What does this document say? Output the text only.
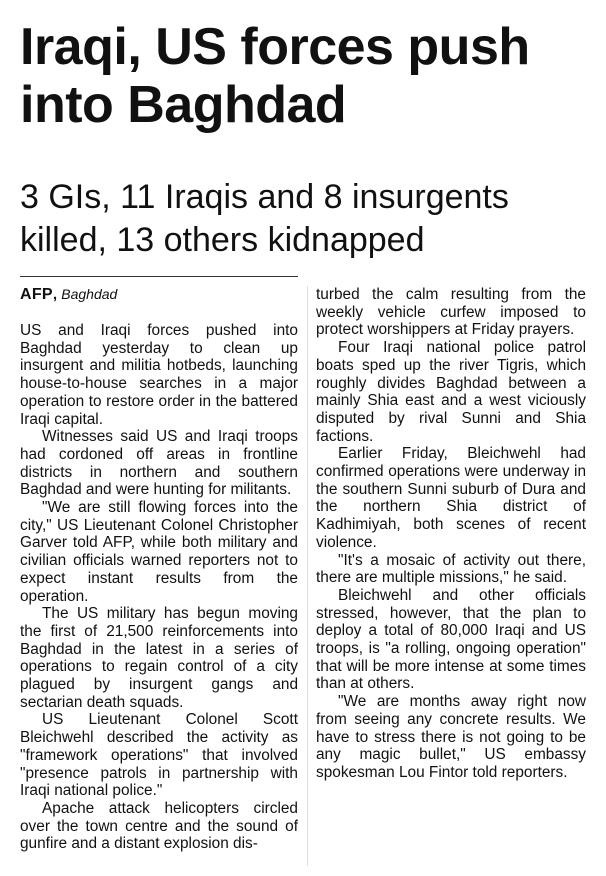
Iraqi, US forces push into Baghdad
3 GIs, 11 Iraqis and 8 insurgents killed, 13 others kidnapped
AFP, Baghdad

US and Iraqi forces pushed into Baghdad yesterday to clean up insurgent and militia hotbeds, launching house-to-house searches in a major operation to restore order in the battered Iraqi capital.

Witnesses said US and Iraqi troops had cordoned off areas in frontline districts in northern and southern Baghdad and were hunting for militants.

"We are still flowing forces into the city," US Lieutenant Colonel Christopher Garver told AFP, while both military and civilian officials warned reporters not to expect instant results from the operation.

The US military has begun moving the first of 21,500 reinforcements into Baghdad in the latest in a series of operations to regain control of a city plagued by insurgent gangs and sectarian death squads.

US Lieutenant Colonel Scott Bleichwehl described the activity as "framework operations" that involved "presence patrols in partnership with Iraqi national police."

Apache attack helicopters circled over the town centre and the sound of gunfire and a distant explosion dis-

turbed the calm resulting from the weekly vehicle curfew imposed to protect worshippers at Friday prayers.

Four Iraqi national police patrol boats sped up the river Tigris, which roughly divides Baghdad between a mainly Shia east and a west viciously disputed by rival Sunni and Shia factions.

Earlier Friday, Bleichwehl had confirmed operations were underway in the southern Sunni suburb of Dura and the northern Shia district of Kadhimiyah, both scenes of recent violence.

"It's a mosaic of activity out there, there are multiple missions," he said.

Bleichwehl and other officials stressed, however, that the plan to deploy a total of 80,000 Iraqi and US troops, is "a rolling, ongoing operation" that will be more intense at some times than at others.

"We are months away right now from seeing any concrete results. We have to stress there is not going to be any magic bullet," US embassy spokesman Lou Fintor told reporters.
